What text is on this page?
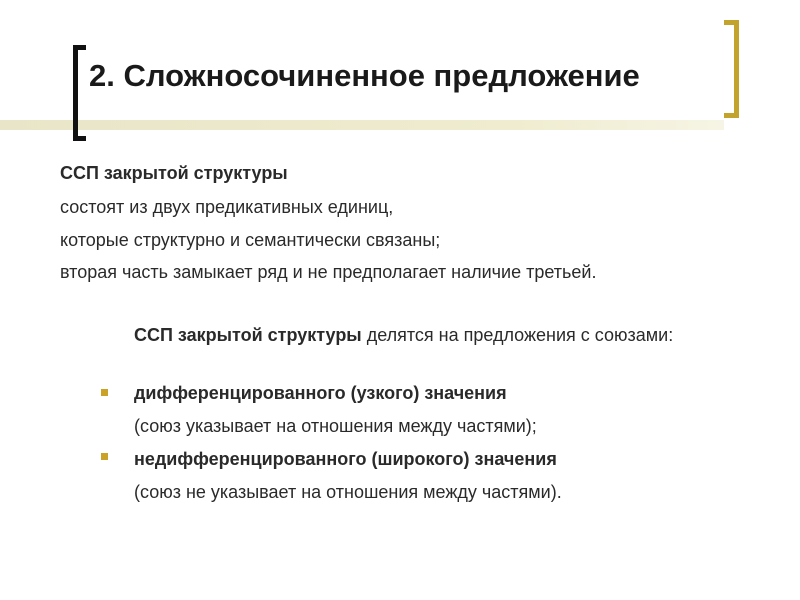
2. Сложносочиненное предложение

ССП закрытой структуры

состоят из двух предикативных единиц,

которые структурно и семантически связаны;

вторая часть замыкает ряд и не предполагает наличие третьей.

ССП закрытой структуры делятся на предложения с союзами:

дифференцированного (узкого) значения

(союз указывает на отношения между частями);

недифференцированного (широкого) значения

(союз не указывает на отношения между частями).
